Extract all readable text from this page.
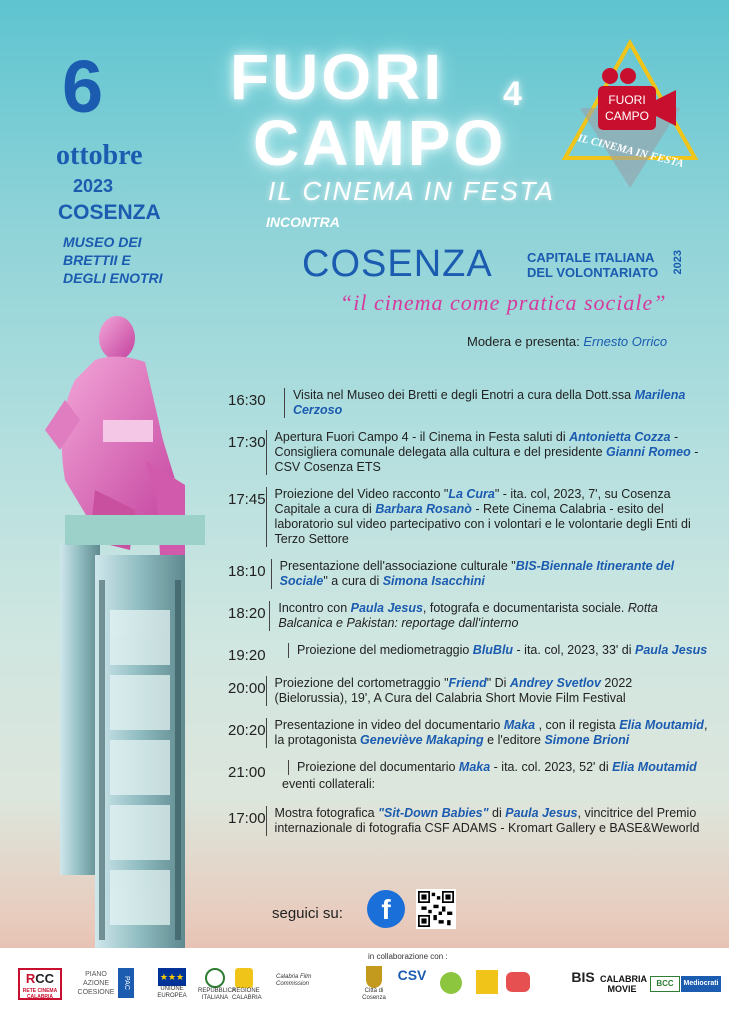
6
ottobre
2023
COSENZA
MUSEO DEI BRETTII E DEGLI ENOTRI
FUORI 4
CAMPO
IL CINEMA IN FESTA
INCONTRA
COSENZA	CAPITALE ITALIANA
DEL VOLONTARIATO 2023
“il cinema come pratica sociale”
Modera e presenta: Ernesto Orrico
FUORI
CAMPO
IL CINEMA IN FESTA
16:30	Visita nel Museo dei Bretti e degli Enotri a cura della Dott.ssa Marilena Cerzoso
17:30 Apertura Fuori Campo 4 - il Cinema in Festa saluti di Antonietta Cozza - Consigliera comunale delegata alla cultura e del presidente Gianni Romeo - CSV Cosenza ETS
17:45 Proiezione del Video racconto "La Cura" - ita. col, 2023, 7', su Cosenza Capitale a cura di Barbara Rosanò - Rete Cinema Calabria - esito del laboratorio sul video partecipativo con i volontari e le volontarie degli Enti di Terzo Settore
18:10	Presentazione dell'associazione culturale "BIS-Biennale Itinerante del Sociale" a cura di Simona Isacchini
18:20	Incontro con Paula Jesus, fotografa e documentarista sociale. Rotta Balcanica e Pakistan: reportage dall'interno
19:20	Proiezione del mediometraggio BluBlu - ita. col, 2023, 33' di Paula Jesus
20:00 Proiezione del cortometraggio "Friend" Di Andrey Svetlov 2022 (Bielorussia), 19', A Cura del Calabria Short Movie Film Festival
20:20 Presentazione in video del documentario Maka , con il regista Elia Moutamid, la protagonista Geneviève Makaping e l'editore Simone Brioni
21:00	Proiezione del documentario Maka - ita. col. 2023, 52' di Elia Moutamid
eventi collaterali:
17:00 Mostra fotografica "Sit-Down Babies" di Paula Jesus, vincitrice del Premio internazionale di fotografia CSF ADAMS - Kromart Gallery e BASE&Weworld
seguici su:	f
in collaborazione con :
RCC
RETE CINEMA CALABRIA
PIANO AZIONE COESIONE
PAC	★★★
UNIONE EUROPEA
REPUBBLICA ITALIANA
REGIONE CALABRIA
Calabria Film Commission
Città di Cosenza
CSV	BIS CALABRIA MOVIE
BCC	Mediocrati
